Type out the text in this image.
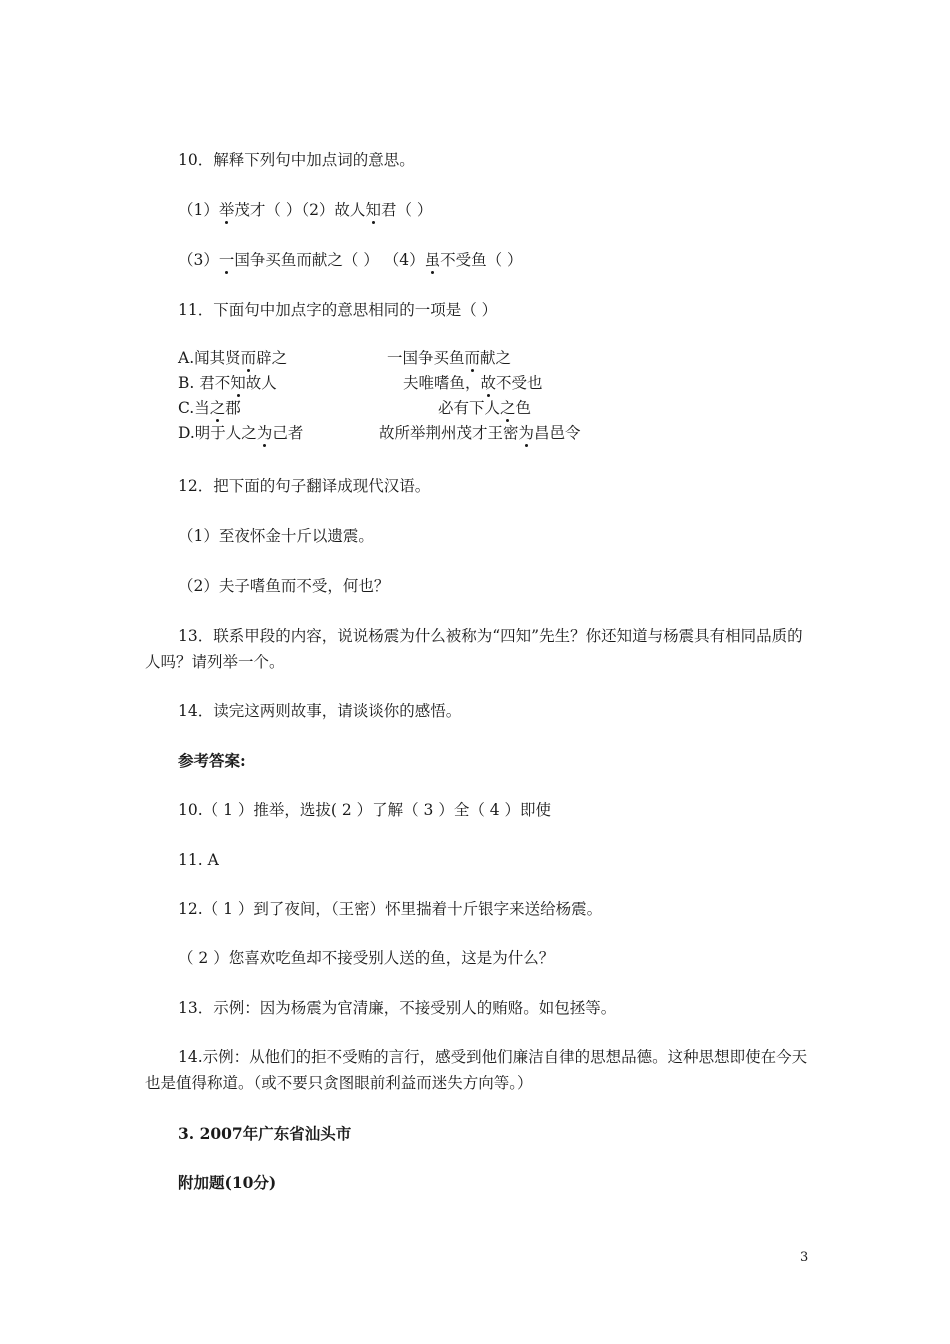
10．解释下列句中加点词的意思。
（1）举茂才（ ）（2）故人知君（ ）
（3）一国争买鱼而献之（ ） （4）虽不受鱼（ ）
11．下面句中加点字的意思相同的一项是（ ）
A.闻其贤而辟之	一国争买鱼而献之
B. 君不知故人	夫唯嗜鱼，故不受也
C.当之郡	必有下人之色
D.明于人之为己者	故所举荆州茂才王密为昌邑令
12．把下面的句子翻译成现代汉语。
（1）至夜怀金十斤以遗震。
（2）夫子嗜鱼而不受，何也？
13．联系甲段的内容，说说杨震为什么被称为“四知”先生？你还知道与杨震具有相同品质的人吗？请列举一个。
14．读完这两则故事，请谈谈你的感悟。
参考答案:
10.（ 1 ）推举，选拔( 2 ）了解（ 3 ）全（ 4 ）即使
11. A
12.（ 1 ）到了夜间，（王密）怀里揣着十斤银字来送给杨震。
（ 2 ）您喜欢吃鱼却不接受别人送的鱼，这是为什么？
13．示例：因为杨震为官清廉，不接受别人的贿赂。如包拯等。
14.示例：从他们的拒不受贿的言行，感受到他们廉洁自律的思想品德。这种思想即使在今天也是值得称道。（或不要只贪图眼前利益而迷失方向等。）
3. 2007年广东省汕头市
附加题(10分)
3
